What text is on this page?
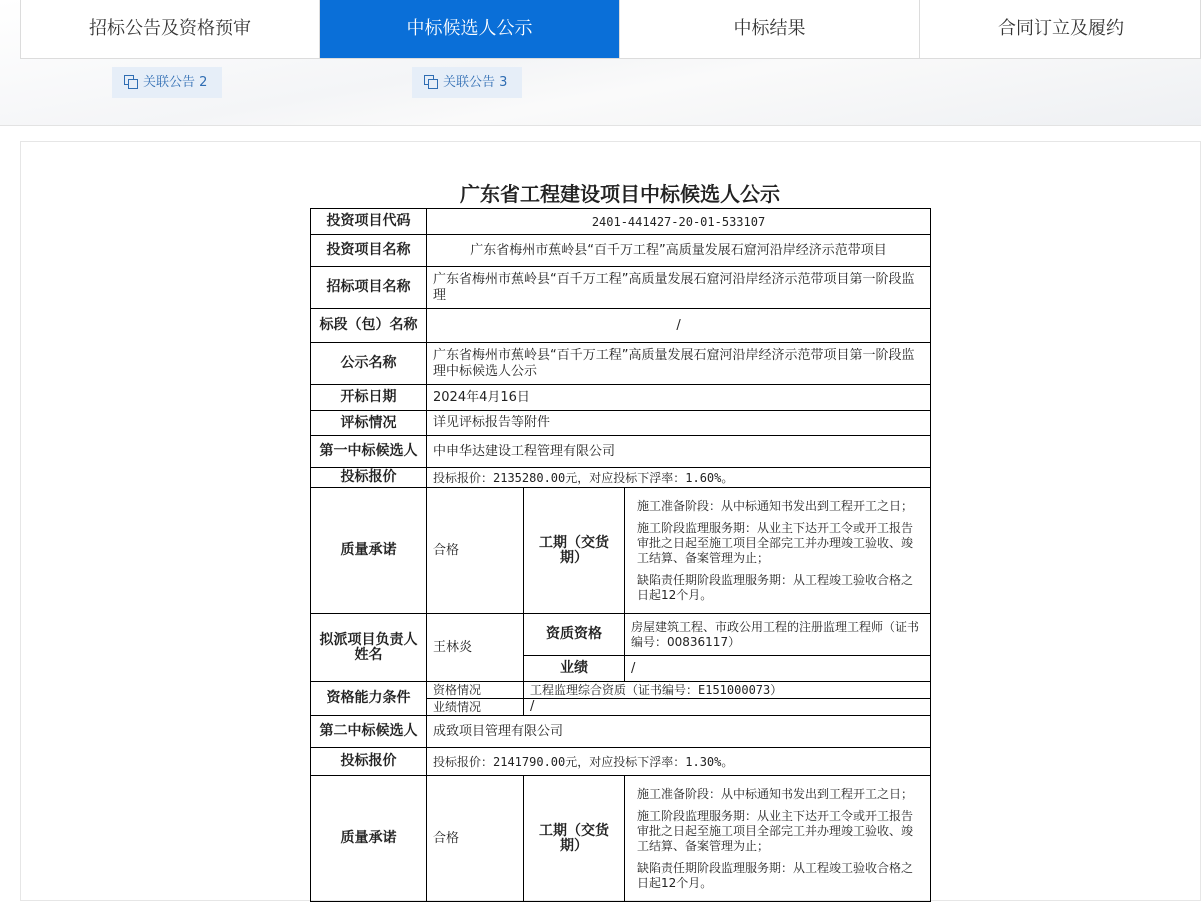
招标公告及资格预审	中标候选人公示	中标结果	合同订立及履约
关联公告 2	关联公告 3
广东省工程建设项目中标候选人公示
投资项目代码	2401-441427-20-01-533107		
投资项目名称	广东省梅州市蕉岭县“百千万工程”高质量发展石窟河沿岸经济示范带项目		
招标项目名称	广东省梅州市蕉岭县“百千万工程”高质量发展石窟河沿岸经济示范带项目第一阶段监理		
标段（包）名称	/		
公示名称	广东省梅州市蕉岭县“百千万工程”高质量发展石窟河沿岸经济示范带项目第一阶段监理中标候选人公示		
开标日期	2024年4月16日		
评标情况	详见评标报告等附件		
第一中标候选人	中申华达建设工程管理有限公司		
投标报价	投标报价：2135280.00元，对应投标下浮率：1.60%。		
质量承诺	合格	工期（交货期）	施工准备阶段：从中标通知书发出到工程开工之日；
施工阶段监理服务期：从业主下达开工令或开工报告审批之日起至施工项目全部完工并办理竣工验收、竣工结算、备案管理为止；
缺陷责任期阶段监理服务期：从工程竣工验收合格之日起12个月。

拟派项目负责人姓名	王林炎	资质资格	房屋建筑工程、市政公用工程的注册监理工程师（证书编号：00836117）
		业绩	/
资格能力条件	资格情况	工程监理综合资质（证书编号：E151000073）	
	业绩情况	/	
第二中标候选人	成致项目管理有限公司		
投标报价	投标报价：2141790.00元，对应投标下浮率：1.30%。		
质量承诺	合格	工期（交货期）	施工准备阶段：从中标通知书发出到工程开工之日；
施工阶段监理服务期：从业主下达开工令或开工报告审批之日起至施工项目全部完工并办理竣工验收、竣工结算、备案管理为止；
缺陷责任期阶段监理服务期：从工程竣工验收合格之日起12个月。
